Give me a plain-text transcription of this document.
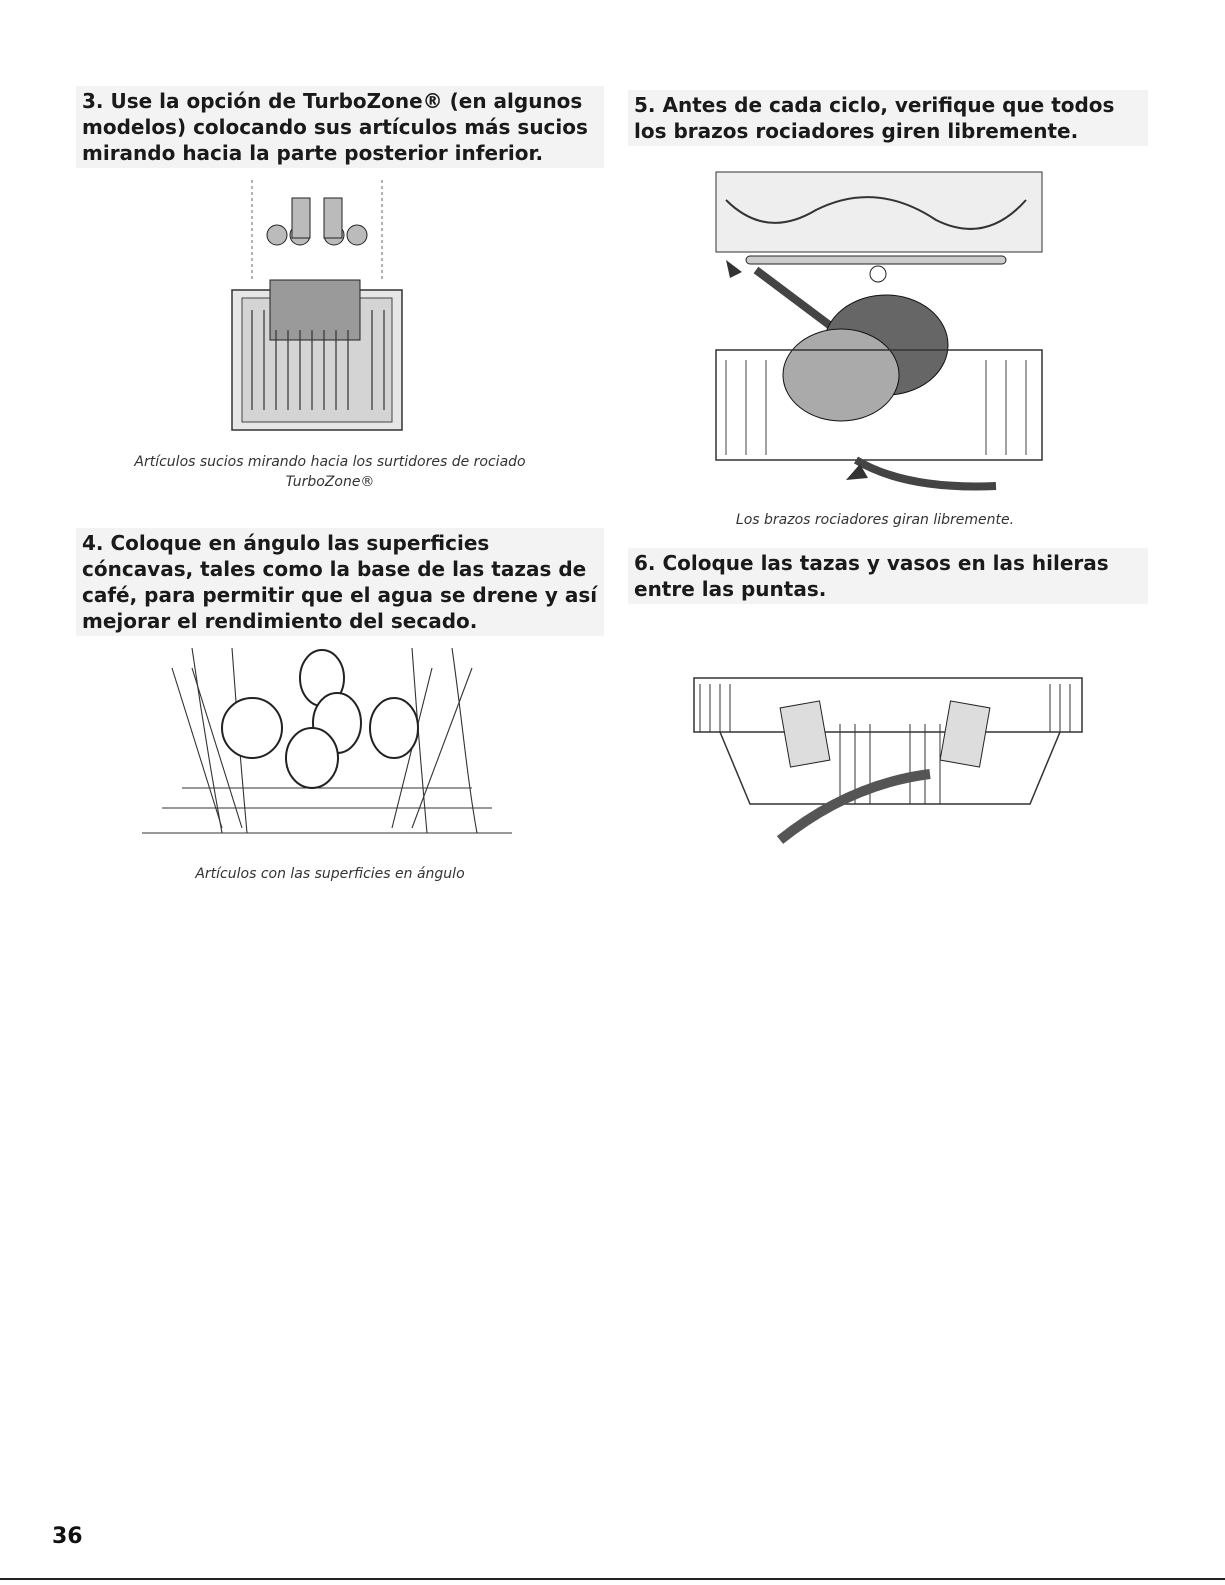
3. Use la opción de TurboZone® (en algunos modelos) colocando sus artículos más sucios mirando hacia la parte posterior inferior.

Artículos sucios mirando hacia los surtidores de rociado
TurboZone®

4. Coloque en ángulo las superficies cóncavas, tales como la base de las tazas de café, para permitir que el agua se drene y así mejorar el rendimiento del secado.

Artículos con las superficies en ángulo

5. Antes de cada ciclo, verifique que todos los brazos rociadores giren libremente.

Los brazos rociadores giran libremente.

6. Coloque las tazas y vasos en las hileras entre las puntas.

36
